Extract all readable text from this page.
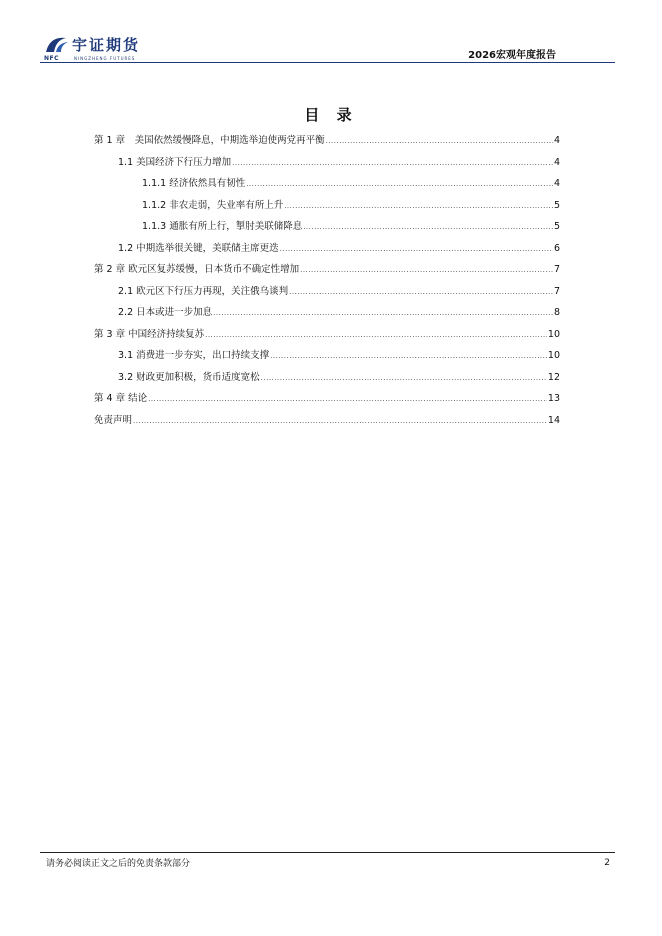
宇证期货
NFC	NINGZHENG FUTURES	2026宏观年度报告
目 录
第 1 章　美国依然缓慢降息，中期选举迫使两党再平衡 .....	4
1.1 美国经济下行压力增加 .....	4
1.1.1 经济依然具有韧性 .....	4
1.1.2 非农走弱，失业率有所上升 .....	5
1.1.3 通胀有所上行，掣肘美联储降息 .....	5
1.2 中期选举很关键，美联储主席更迭 .....	6
第 2 章 欧元区复苏缓慢，日本货币不确定性增加 .....	7
2.1 欧元区下行压力再现，关注俄乌谈判 .....	7
2.2 日本或进一步加息 .....	8
第 3 章 中国经济持续复苏 .....	10
3.1 消费进一步夯实，出口持续支撑 .....	10
3.2 财政更加积极，货币适度宽松 .....	12
第 4 章 结论 .....	13
免责声明 .....	14
请务必阅读正文之后的免责条款部分	2
